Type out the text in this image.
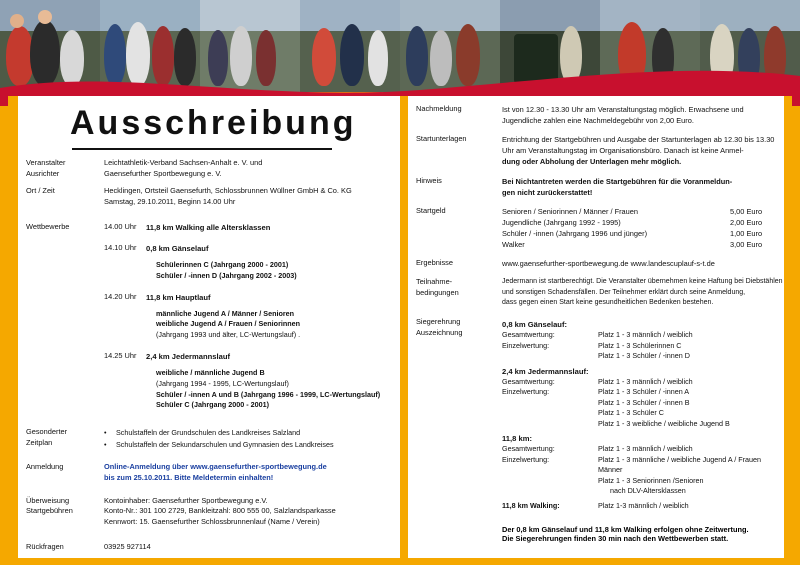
Ausschreibung
Veranstalter
Ausrichter
Leichtathletik-Verband Sachsen-Anhalt e. V. und
Gaensefurther Sportbewegung e. V.
Ort / Zeit	Hecklingen, Ortsteil Gaensefurth, Schlossbrunnen Wüllner GmbH & Co. KG
Samstag, 29.10.2011, Beginn 14.00 Uhr
Wettbewerbe	14.00 Uhr	11,8 km Walking alle Altersklassen
14.10 Uhr	0,8 km Gänselauf
Schülerinnen C (Jahrgang 2000 - 2001)
Schüler / -innen D (Jahrgang 2002 - 2003)
14.20 Uhr	11,8 km Hauptlauf
männliche Jugend A / Männer / Senioren
weibliche Jugend A / Frauen / Seniorinnen
(Jahrgang 1993 und älter, LC-Wertungslauf) .
14.25 Uhr	2,4 km Jedermannslauf
weibliche / männliche Jugend B
(Jahrgang 1994 - 1995, LC-Wertungslauf)
Schüler / -innen A und B (Jahrgang 1996 - 1999, LC-Wertungslauf)
Schüler C (Jahrgang 2000 - 2001)
Gesonderter
Zeitplan
•	Schulstaffeln der Grundschulen des Landkreises Salzland
•	Schulstaffeln der Sekundarschulen und Gymnasien des Landkreises
Anmeldung	Online-Anmeldung über www.gaensefurther-sportbewegung.de
bis zum 25.10.2011. Bitte Meldetermin einhalten!
Überweisung
Startgebühren
Kontoinhaber: Gaensefurther Sportbewegung e.V.
Konto-Nr.: 301 100 2729, Bankleitzahl: 800 555 00, Salzlandsparkasse
Kennwort: 15. Gaensefurther Schlossbrunnenlauf (Name / Verein)
Rückfragen	03925 927114
Nachmeldung	Ist von 12.30 - 13.30 Uhr am Veranstaltungstag möglich. Erwachsene und
Jugendliche zahlen eine Nachmeldegebühr von 2,00 Euro.
Startunterlagen	Entrichtung der Startgebühren und Ausgabe der Startunterlagen ab 12.30 bis 13.30
Uhr am Veranstaltungstag im Organisationsbüro. Danach ist keine Anmel-
dung oder Abholung der Unterlagen mehr möglich.
Hinweis	Bei Nichtantreten werden die Startgebühren für die Voranmeldun-
gen nicht zurückerstattet!
Startgeld	Senioren / Seniorinnen / Männer / Frauen	5,00 Euro
Jugendliche (Jahrgang 1992 - 1995)	2,00 Euro
Schüler / -innen (Jahrgang 1996 und jünger)	1,00 Euro
Walker	3,00 Euro
Ergebnisse	www.gaensefurther-sportbewegung.de www.landescuplauf-s-t.de
Teilnahme-
bedingungen
Jedermann ist startberechtigt. Die Veranstalter übernehmen keine Haftung bei Diebstählen
und sonstigen Schadensfällen. Der Teilnehmer erklärt durch seine Anmeldung,
dass gegen einen Start keine gesundheitlichen Bedenken bestehen.
Siegerehrung
Auszeichnung
0,8 km Gänselauf:
Gesamtwertung:	Platz 1 - 3 männlich / weiblich
Einzelwertung:	Platz 1 - 3 Schülerinnen C
Platz 1 - 3 Schüler / -innen D
2,4 km Jedermannslauf:
Gesamtwertung:	Platz 1 - 3 männlich / weiblich
Einzelwertung:	Platz 1 - 3 Schüler / -innen A
Platz 1 - 3 Schüler / -innen B
Platz 1 - 3 Schüler C
Platz 1 - 3 weibliche / weibliche Jugend B
11,8 km:
Gesamtwertung:	Platz 1 - 3 männlich / weiblich
Einzelwertung:	Platz 1 - 3 männliche / weibliche Jugend A / Frauen
Männer
Platz 1 - 3 Seniorinnen /Senioren
nach DLV-Altersklassen
11,8 km Walking:	Platz 1-3 männlich / weiblich
Der 0,8 km Gänselauf und 11,8 km Walking erfolgen ohne Zeitwertung.
Die Siegerehrungen finden 30 min nach den Wettbewerben statt.
